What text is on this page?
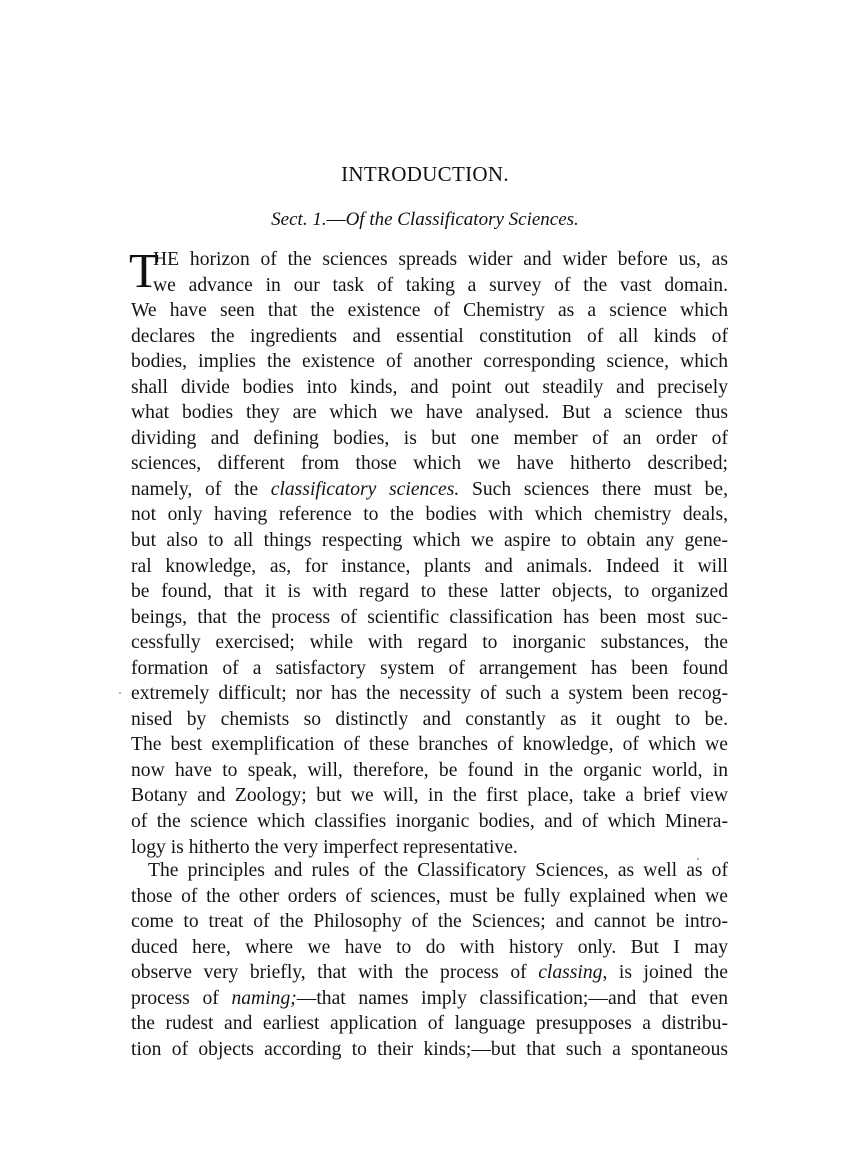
INTRODUCTION.
Sect. 1.—Of the Classificatory Sciences.
T
HE horizon of the sciences spreads wider and wider before us, as
we advance in our task of taking a survey of the vast domain.
We have seen that the existence of Chemistry as a science which
declares the ingredients and essential constitution of all kinds of
bodies, implies the existence of another corresponding science, which
shall divide bodies into kinds, and point out steadily and precisely
what bodies they are which we have analysed. But a science thus
dividing and defining bodies, is but one member of an order of
sciences, different from those which we have hitherto described;
namely, of the classificatory sciences. Such sciences there must be,
not only having reference to the bodies with which chemistry deals,
but also to all things respecting which we aspire to obtain any gene-
ral knowledge, as, for instance, plants and animals. Indeed it will
be found, that it is with regard to these latter objects, to organized
beings, that the process of scientific classification has been most suc-
cessfully exercised; while with regard to inorganic substances, the
formation of a satisfactory system of arrangement has been found
extremely difficult; nor has the necessity of such a system been recog-
nised by chemists so distinctly and constantly as it ought to be.
The best exemplification of these branches of knowledge, of which we
now have to speak, will, therefore, be found in the organic world, in
Botany and Zoology; but we will, in the first place, take a brief view
of the science which classifies inorganic bodies, and of which Minera-
logy is hitherto the very imperfect representative.
The principles and rules of the Classificatory Sciences, as well as of
those of the other orders of sciences, must be fully explained when we
come to treat of the Philosophy of the Sciences; and cannot be intro-
duced here, where we have to do with history only. But I may
observe very briefly, that with the process of classing, is joined the
process of naming;—that names imply classification;—and that even
the rudest and earliest application of language presupposes a distribu-
tion of objects according to their kinds;—but that such a spontaneous
